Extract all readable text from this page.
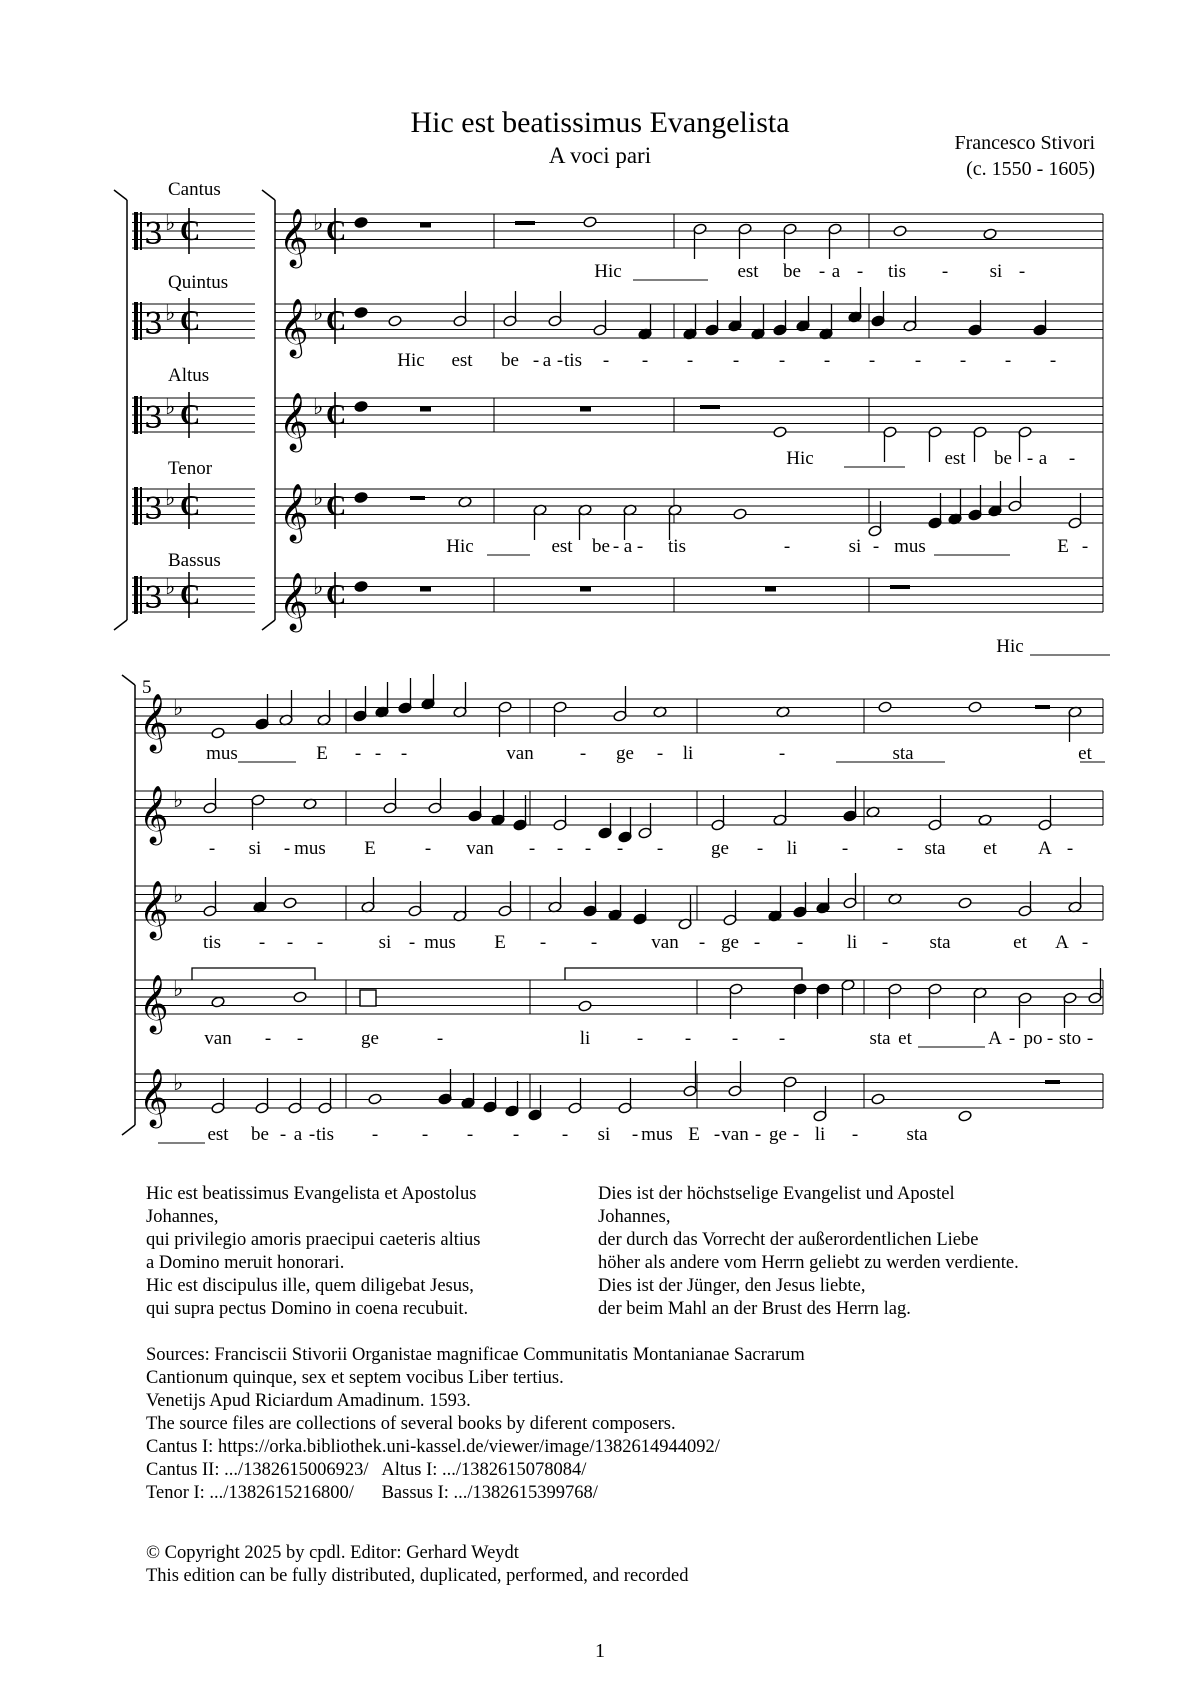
Hic est beatissimus Evangelista
A voci pari	Francesco Stivori
(c. 1550 - 1605)
3 ♭ C
Cantus
𝄞 ♭ C
3 ♭ C
Quintus
𝄞 ♭ C
3 ♭ C
Altus
𝄞 ♭ C
3 ♭ C
Tenor
𝄞 ♭ C
3 ♭ C
Bassus
𝄞 ♭ C
Hic	est be - a - tis - si -
Hic est be - a - tis - - - - - - - - - - -
Hic	est be - a -
Hic	est be - a - tis	-	si - mus	E -
Hic
5
𝄞 ♭
𝄞 ♭
𝄞 ♭
𝄞 ♭
𝄞 ♭
mus	E - - -	van - ge - li	-	sta	et
- si - mus E	- van - - - - -	ge - li -	- sta et A -
tis - - -	si - mus E - -	van - ge - - li - sta	et A -
van - -	ge	-	li - - - -	sta et	A - po - sto -
est be - a - tis - - - - - si - mus E - van - ge - li -	sta
Hic est beatissimus Evangelista et Apostolus
Johannes,
qui privilegio amoris praecipui caeteris altius
a Domino meruit honorari.
Hic est discipulus ille, quem diligebat Jesus,
qui supra pectus Domino in coena recubuit.
Dies ist der höchstselige Evangelist und Apostel
Johannes,
der durch das Vorrecht der außerordentlichen Liebe
höher als andere vom Herrn geliebt zu werden verdiente.
Dies ist der Jünger, den Jesus liebte,
der beim Mahl an der Brust des Herrn lag.
Sources: Franciscii Stivorii Organistae magnificae Communitatis Montanianae Sacrarum
Cantionum quinque, sex et septem vocibus Liber tertius.
Venetijs Apud Riciardum Amadinum. 1593.
The source files are collections of several books by diferent composers.
Cantus I: https://orka.bibliothek.uni-kassel.de/viewer/image/1382614944092/
Cantus II: .../1382615006923/   Altus I: .../1382615078084/
Tenor I: .../1382615216800/      Bassus I: .../1382615399768/
© Copyright 2025 by cpdl. Editor: Gerhard Weydt
This edition can be fully distributed, duplicated, performed, and recorded
1
